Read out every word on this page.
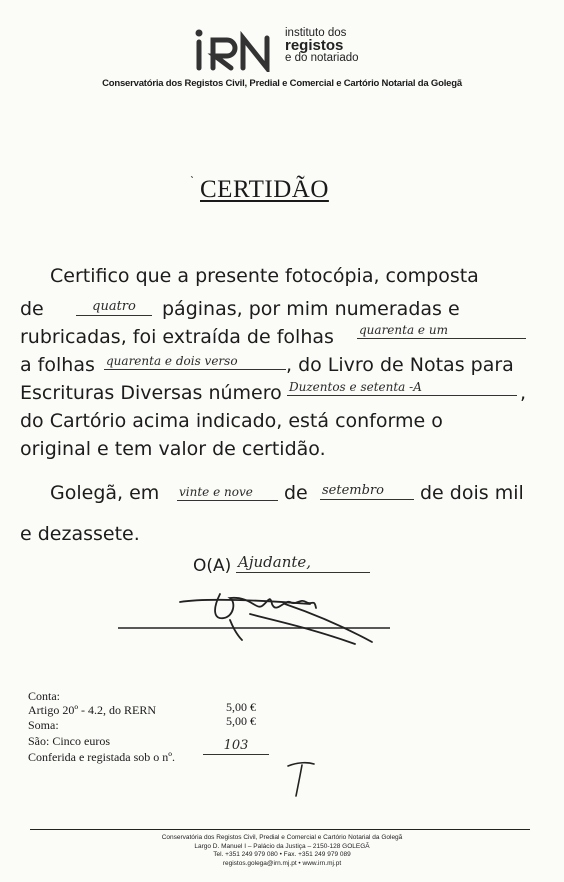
instituto dos
registos
e do notariado
Conservatória dos Registos Civil, Predial e Comercial e Cartório Notarial da Golegã
ˋ CERTIDÃO
Certifico que a presente fotocópia, composta
de	quatro	páginas, por mim numeradas e
rubricadas, foi extraída de folhas quarenta e um
a folhas quarenta e dois verso	, do Livro de Notas para
Escrituras Diversas número Duzentos e setenta -A	,
do Cartório acima indicado, está conforme o
original e tem valor de certidão.
Golegã, em vinte e nove	de setembro	de dois mil
e dezassete.
O(A) Ajudante,
Conta:
Artigo 20º - 4.2, do RERN	5,00 €
Soma:	5,00 €
São: Cinco euros
Conferida e registada sob o nº.
103
Conservatória dos Registos Civil, Predial e Comercial e Cartório Notarial da Golegã
Largo D. Manuel I – Palácio da Justiça – 2150-128 GOLEGÃ
Tel. +351 249 979 080 • Fax. +351 249 979 089
registos.golega@irn.mj.pt • www.irn.mj.pt
